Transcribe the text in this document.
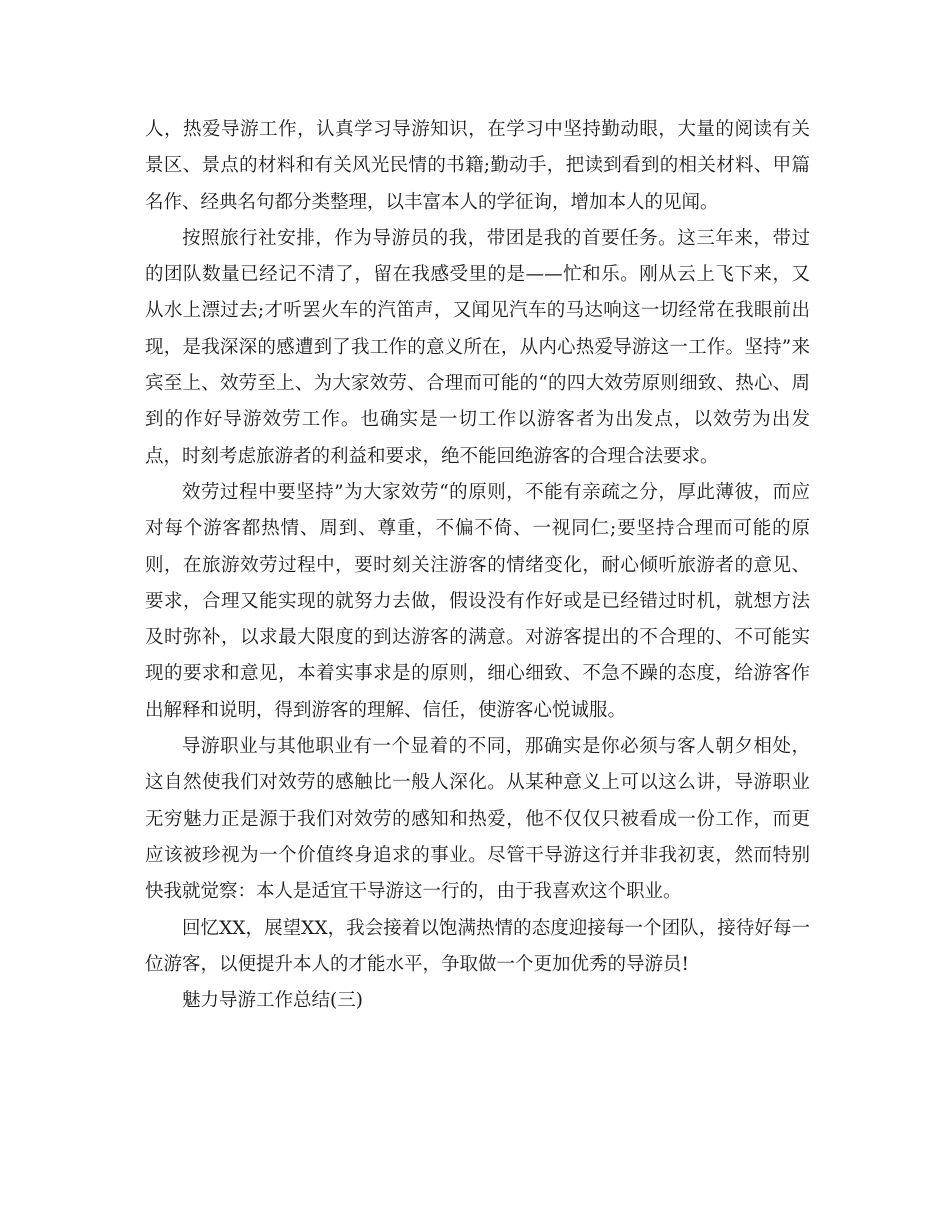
人，热爱导游工作，认真学习导游知识，在学习中坚持勤动眼，大量的阅读有关景区、景点的材料和有关风光民情的书籍;勤动手，把读到看到的相关材料、甲篇名作、经典名句都分类整理，以丰富本人的学征询，增加本人的见闻。

按照旅行社安排，作为导游员的我，带团是我的首要任务。这三年来，带过的团队数量已经记不清了，留在我感受里的是——忙和乐。刚从云上飞下来，又从水上漂过去;才听罢火车的汽笛声，又闻见汽车的马达响这一切经常在我眼前出现，是我深深的感遭到了我工作的意义所在，从内心热爱导游这一工作。坚持”来宾至上、效劳至上、为大家效劳、合理而可能的“的四大效劳原则细致、热心、周到的作好导游效劳工作。也确实是一切工作以游客者为出发点，以效劳为出发点，时刻考虑旅游者的利益和要求，绝不能回绝游客的合理合法要求。

效劳过程中要坚持”为大家效劳“的原则，不能有亲疏之分，厚此薄彼，而应对每个游客都热情、周到、尊重，不偏不倚、一视同仁;要坚持合理而可能的原则，在旅游效劳过程中，要时刻关注游客的情绪变化，耐心倾听旅游者的意见、要求，合理又能实现的就努力去做，假设没有作好或是已经错过时机，就想方法及时弥补，以求最大限度的到达游客的满意。对游客提出的不合理的、不可能实现的要求和意见，本着实事求是的原则，细心细致、不急不躁的态度，给游客作出解释和说明，得到游客的理解、信任，使游客心悦诚服。

导游职业与其他职业有一个显着的不同，那确实是你必须与客人朝夕相处，这自然使我们对效劳的感触比一般人深化。从某种意义上可以这么讲，导游职业无穷魅力正是源于我们对效劳的感知和热爱，他不仅仅只被看成一份工作，而更应该被珍视为一个价值终身追求的事业。尽管干导游这行并非我初衷，然而特别快我就觉察：本人是适宜干导游这一行的，由于我喜欢这个职业。

回忆XX，展望XX，我会接着以饱满热情的态度迎接每一个团队，接待好每一位游客，以便提升本人的才能水平，争取做一个更加优秀的导游员!

魅力导游工作总结(三)
